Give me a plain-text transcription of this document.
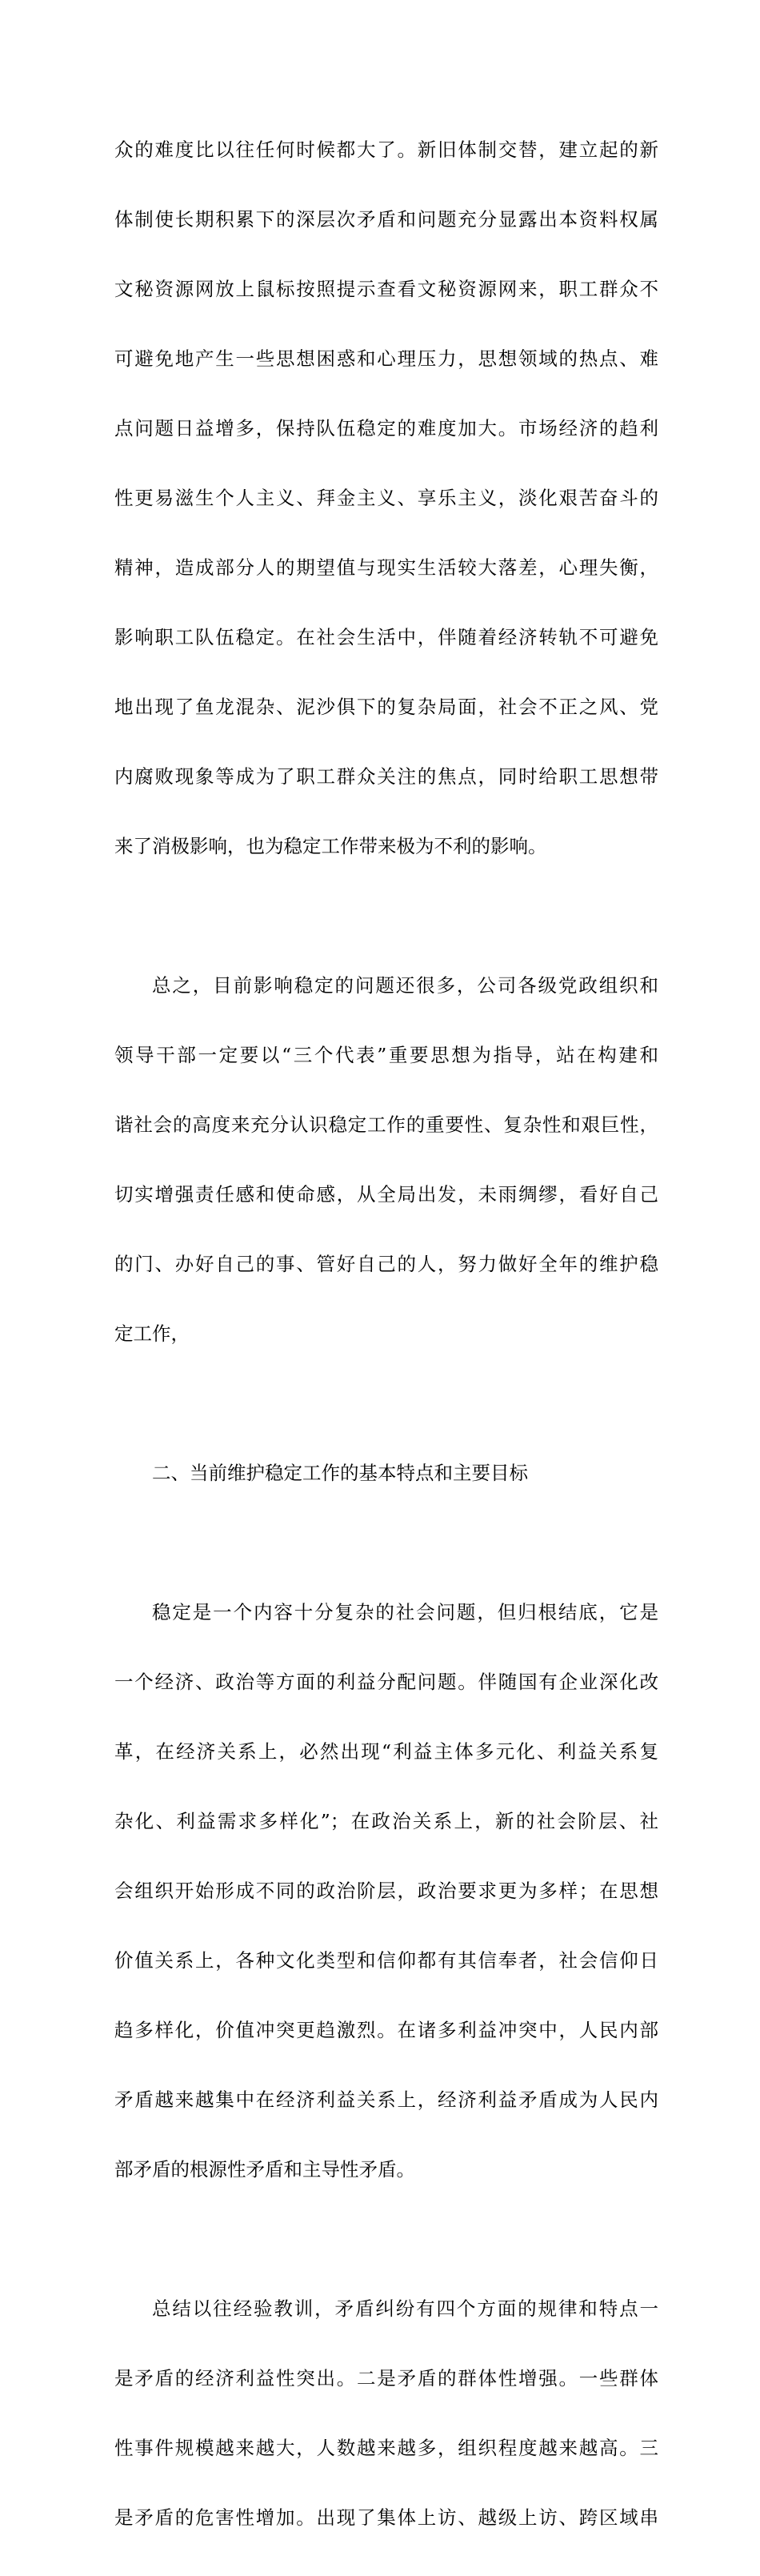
众的难度比以往任何时候都大了。新旧体制交替，建立起的新

体制使长期积累下的深层次矛盾和问题充分显露出本资料权属

文秘资源网放上鼠标按照提示查看文秘资源网来，职工群众不

可避免地产生一些思想困惑和心理压力，思想领域的热点、难

点问题日益增多，保持队伍稳定的难度加大。市场经济的趋利

性更易滋生个人主义、拜金主义、享乐主义，淡化艰苦奋斗的

精神，造成部分人的期望值与现实生活较大落差，心理失衡，

影响职工队伍稳定。在社会生活中，伴随着经济转轨不可避免

地出现了鱼龙混杂、泥沙俱下的复杂局面，社会不正之风、党

内腐败现象等成为了职工群众关注的焦点，同时给职工思想带

来了消极影响，也为稳定工作带来极为不利的影响。

总之，目前影响稳定的问题还很多，公司各级党政组织和

领导干部一定要以“三个代表”重要思想为指导，站在构建和

谐社会的高度来充分认识稳定工作的重要性、复杂性和艰巨性，

切实增强责任感和使命感，从全局出发，未雨绸缪，看好自己

的门、办好自己的事、管好自己的人，努力做好全年的维护稳

定工作，

二、当前维护稳定工作的基本特点和主要目标

稳定是一个内容十分复杂的社会问题，但归根结底，它是

一个经济、政治等方面的利益分配问题。伴随国有企业深化改

革，在经济关系上，必然出现“利益主体多元化、利益关系复

杂化、利益需求多样化”；在政治关系上，新的社会阶层、社

会组织开始形成不同的政治阶层，政治要求更为多样；在思想

价值关系上，各种文化类型和信仰都有其信奉者，社会信仰日

趋多样化，价值冲突更趋激烈。在诸多利益冲突中，人民内部

矛盾越来越集中在经济利益关系上，经济利益矛盾成为人民内

部矛盾的根源性矛盾和主导性矛盾。

总结以往经验教训，矛盾纠纷有四个方面的规律和特点一

是矛盾的经济利益性突出。二是矛盾的群体性增强。一些群体

性事件规模越来越大，人数越来越多，组织程度越来越高。三

是矛盾的危害性增加。出现了集体上访、越级上访、跨区域串
